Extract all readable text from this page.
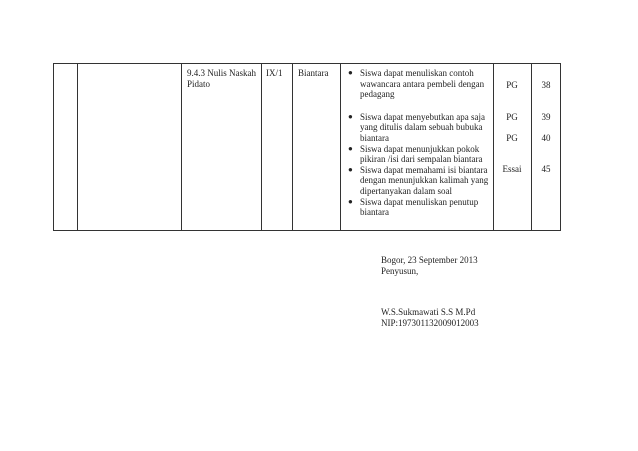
9.4.3 Nulis Naskah Pidato
IX/1 Biantara ● Siswa dapat menuliskan contoh wawancara antara pembeli dengan pedagang
● Siswa dapat menyebutkan apa saja yang ditulis dalam sebuah bubuka biantara
● Siswa dapat menunjukkan pokok pikiran /isi dari sempalan biantara
● Siswa dapat memahami isi biantara dengan menunjukkan kalimah yang dipertanyakan dalam soal
● Siswa dapat menuliskan penutup biantara
PG
PG
PG
Essai
38
39
40
45
Bogor, 23 September 2013
Penyusun,
W.S.Sukmawati S.S M.Pd
NIP:197301132009012003
